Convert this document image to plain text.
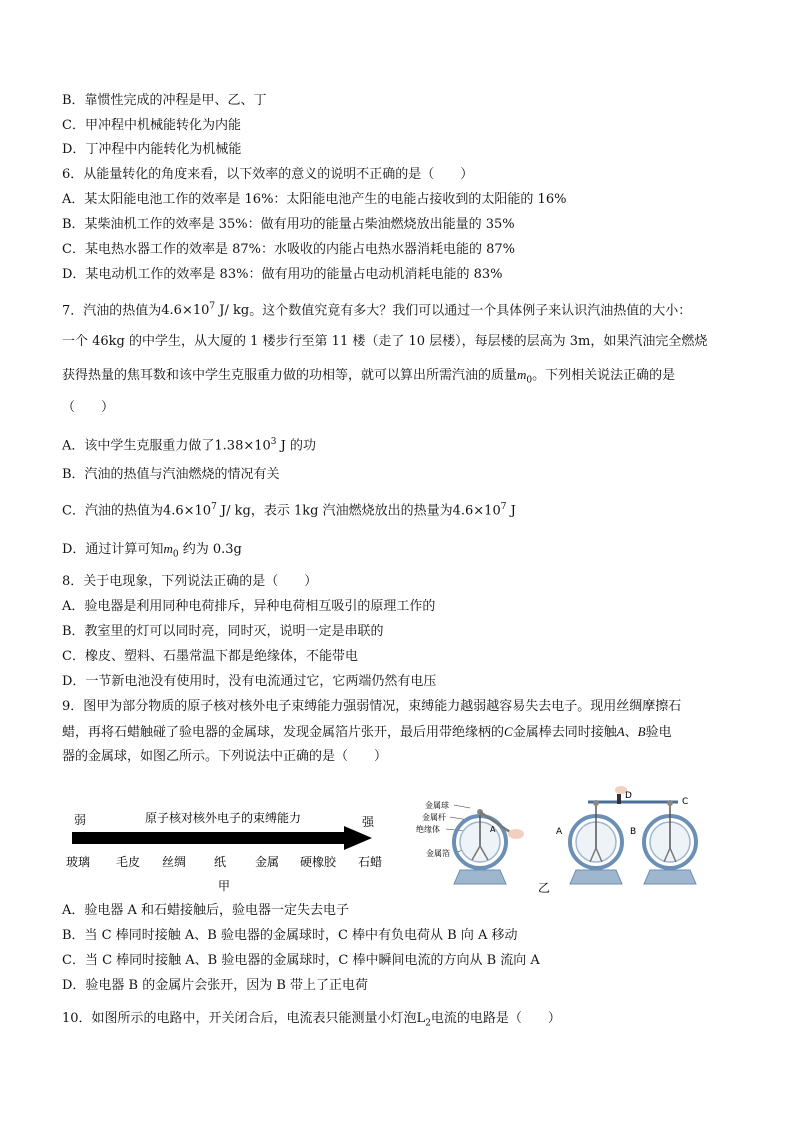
B．靠惯性完成的冲程是甲、乙、丁
C．甲冲程中机械能转化为内能
D．丁冲程中内能转化为机械能
6．从能量转化的角度来看，以下效率的意义的说明不正确的是（　　）
A．某太阳能电池工作的效率是 16%：太阳能电池产生的电能占接收到的太阳能的 16%
B．某柴油机工作的效率是 35%：做有用功的能量占柴油燃烧放出能量的 35%
C．某电热水器工作的效率是 87%：水吸收的内能占电热水器消耗电能的 87%
D．某电动机工作的效率是 83%：做有用功的能量占电动机消耗电能的 83%
7．汽油的热值为$4.6\times 10^7$ J/ kg。这个数值究竟有多大？我们可以通过一个具体例子来认识汽油热值的大小：
一个 46kg 的中学生，从大厦的 1 楼步行至第 11 楼（走了 10 层楼），每层楼的层高为 3m，如果汽油完全燃烧
获得热量的焦耳数和该中学生克服重力做的功相等，就可以算出所需汽油的质量$m_0$。下列相关说法正确的是
（　　）
A．该中学生克服重力做了$1.38\times 10^3$ J 的功
B．汽油的热值与汽油燃烧的情况有关
C．汽油的热值为$4.6\times 10^7$ J/ kg，表示 1kg 汽油燃烧放出的热量为$4.6\times 10^7$ J
D．通过计算可知$m_0$ 约为 0.3g
8．关于电现象，下列说法正确的是（　　）
A．验电器是利用同种电荷排斥，异种电荷相互吸引的原理工作的
B．教室里的灯可以同时亮，同时灭，说明一定是串联的
C．橡皮、塑料、石墨常温下都是绝缘体，不能带电
D．一节新电池没有使用时，没有电流通过它，它两端仍然有电压
9．图甲为部分物质的原子核对核外电子束缚能力强弱情况，束缚能力越弱越容易失去电子。现用丝绸摩擦石
蜡，再将石蜡触碰了验电器的金属球，发现金属箔片张开，最后用带绝缘柄的C金属棒去同时接触A、B验电
器的金属球，如图乙所示。下列说法中正确的是（　　）
弱	强
原子核对核外电子的束缚能力
玻璃 毛皮 丝绸 纸 金属 硬橡胶 石蜡
甲
金属球
金属杆
绝缘体
金属箔
A
D
C
A	B
乙
A．验电器 A 和石蜡接触后，验电器一定失去电子
B．当 C 棒同时接触 A、B 验电器的金属球时，C 棒中有负电荷从 B 向 A 移动
C．当 C 棒同时接触 A、B 验电器的金属球时，C 棒中瞬间电流的方向从 B 流向 A
D．验电器 B 的金属片会张开，因为 B 带上了正电荷
10．如图所示的电路中，开关闭合后，电流表只能测量小灯泡$L_2$电流的电路是（　　）
